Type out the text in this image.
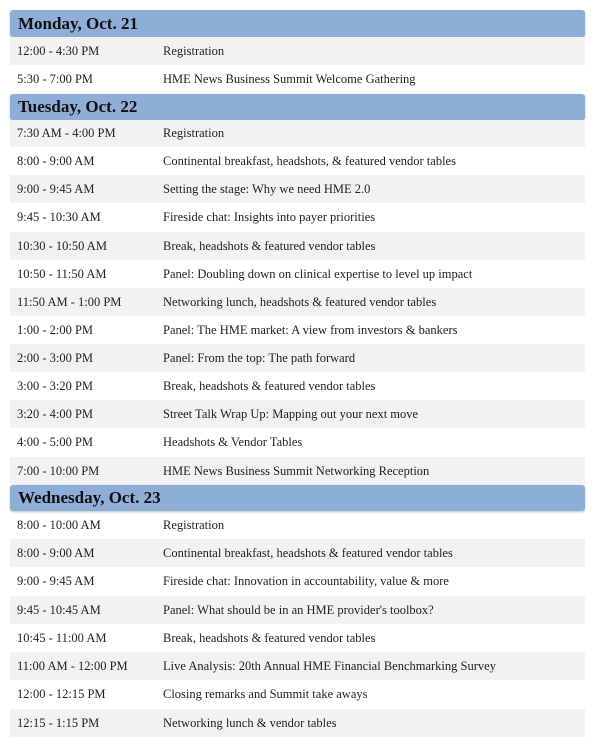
Monday, Oct. 21
12:00 - 4:30 PM	Registration
5:30 - 7:00 PM	HME News Business Summit Welcome Gathering
Tuesday, Oct. 22
7:30 AM - 4:00 PM	Registration
8:00 - 9:00 AM	Continental breakfast, headshots, & featured vendor tables
9:00 - 9:45 AM	Setting the stage: Why we need HME 2.0
9:45 - 10:30 AM	Fireside chat: Insights into payer priorities
10:30 - 10:50 AM	Break, headshots & featured vendor tables
10:50 - 11:50 AM	Panel: Doubling down on clinical expertise to level up impact
11:50 AM - 1:00 PM	Networking lunch, headshots & featured vendor tables
1:00 - 2:00 PM	Panel: The HME market: A view from investors & bankers
2:00 - 3:00 PM	Panel: From the top: The path forward
3:00 - 3:20 PM	Break, headshots & featured vendor tables
3:20 - 4:00 PM	Street Talk Wrap Up: Mapping out your next move
4:00 - 5:00 PM	Headshots & Vendor Tables
7:00 - 10:00 PM	HME News Business Summit Networking Reception
Wednesday, Oct. 23
8:00 - 10:00 AM	Registration
8:00 - 9:00 AM	Continental breakfast, headshots & featured vendor tables
9:00 - 9:45 AM	Fireside chat: Innovation in accountability, value & more
9:45 - 10:45 AM	Panel: What should be in an HME provider's toolbox?
10:45 - 11:00 AM	Break, headshots & featured vendor tables
11:00 AM - 12:00 PM	Live Analysis: 20th Annual HME Financial Benchmarking Survey
12:00 - 12:15 PM	Closing remarks and Summit take aways
12:15 - 1:15 PM	Networking lunch & vendor tables
